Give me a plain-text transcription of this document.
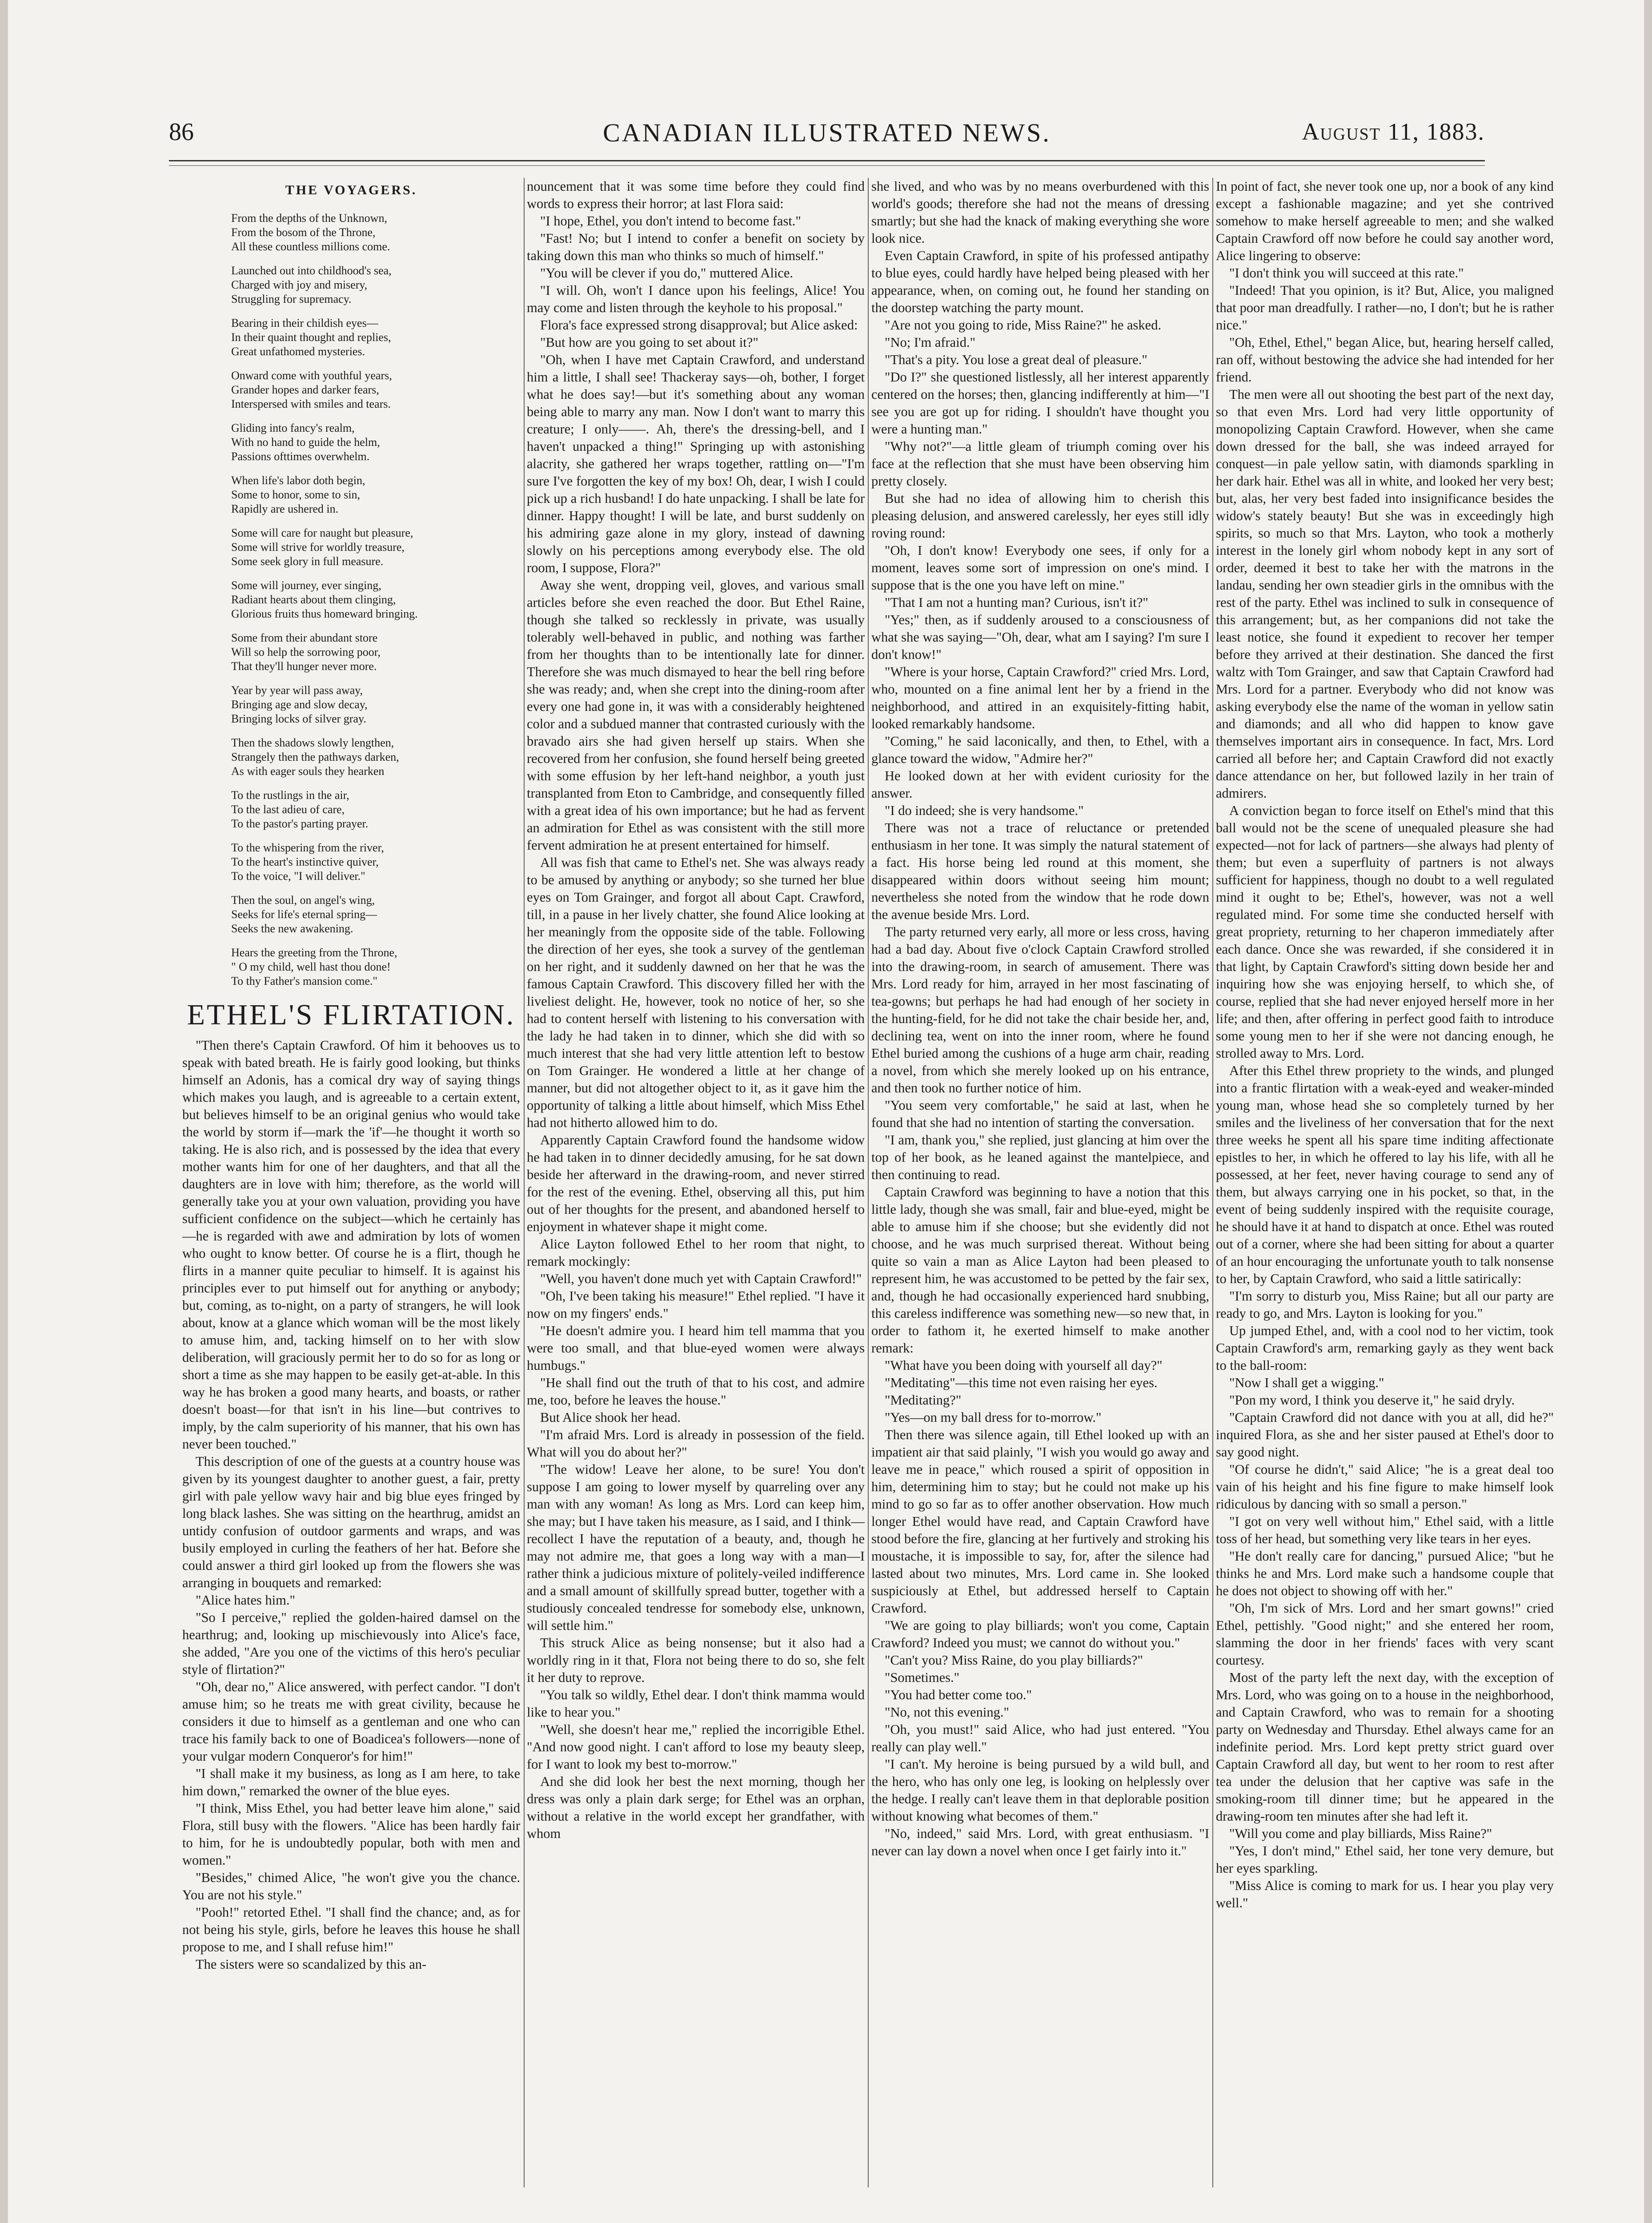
86	CANADIAN ILLUSTRATED NEWS.	August 11, 1883.
THE VOYAGERS.
From the depths of the Unknown,
From the bosom of the Throne,
All these countless millions come.
Launched out into childhood's sea,
Charged with joy and misery,
Struggling for supremacy.
Bearing in their childish eyes—
In their quaint thought and replies,
Great unfathomed mysteries.
Onward come with youthful years,
Grander hopes and darker fears,
Interspersed with smiles and tears.
Gliding into fancy's realm,
With no hand to guide the helm,
Passions ofttimes overwhelm.
When life's labor doth begin,
Some to honor, some to sin,
Rapidly are ushered in.
Some will care for naught but pleasure,
Some will strive for worldly treasure,
Some seek glory in full measure.
Some will journey, ever singing,
Radiant hearts about them clinging,
Glorious fruits thus homeward bringing.
Some from their abundant store
Will so help the sorrowing poor,
That they'll hunger never more.
Year by year will pass away,
Bringing age and slow decay,
Bringing locks of silver gray.
Then the shadows slowly lengthen,
Strangely then the pathways darken,
As with eager souls they hearken
To the rustlings in the air,
To the last adieu of care,
To the pastor's parting prayer.
To the whispering from the river,
To the heart's instinctive quiver,
To the voice, "I will deliver."
Then the soul, on angel's wing,
Seeks for life's eternal spring—
Seeks the new awakening.
Hears the greeting from the Throne,
" O my child, well hast thou done!
To thy Father's mansion come."
ETHEL'S FLIRTATION.

"Then there's Captain Crawford. Of him it behooves us to speak with bated breath. He is fairly good looking, but thinks himself an Adonis, has a comical dry way of saying things which makes you laugh, and is agreeable to a certain extent, but believes himself to be an original genius who would take the world by storm if—mark the 'if'—he thought it worth so taking. He is also rich, and is possessed by the idea that every mother wants him for one of her daughters, and that all the daughters are in love with him; therefore, as the world will generally take you at your own valuation, providing you have sufficient confidence on the subject—which he certainly has—he is regarded with awe and admiration by lots of women who ought to know better. Of course he is a flirt, though he flirts in a manner quite peculiar to himself. It is against his principles ever to put himself out for anything or anybody; but, coming, as to-night, on a party of strangers, he will look about, know at a glance which woman will be the most likely to amuse him, and, tacking himself on to her with slow deliberation, will graciously permit her to do so for as long or short a time as she may happen to be easily get-at-able. In this way he has broken a good many hearts, and boasts, or rather doesn't boast—for that isn't in his line—but contrives to imply, by the calm superiority of his manner, that his own has never been touched."

This description of one of the guests at a country house was given by its youngest daughter to another guest, a fair, pretty girl with pale yellow wavy hair and big blue eyes fringed by long black lashes. She was sitting on the hearthrug, amidst an untidy confusion of outdoor garments and wraps, and was busily employed in curling the feathers of her hat. Before she could answer a third girl looked up from the flowers she was arranging in bouquets and remarked:

"Alice hates him."

"So I perceive," replied the golden-haired damsel on the hearthrug; and, looking up mischievously into Alice's face, she added, "Are you one of the victims of this hero's peculiar style of flirtation?"

"Oh, dear no," Alice answered, with perfect candor. "I don't amuse him; so he treats me with great civility, because he considers it due to himself as a gentleman and one who can trace his family back to one of Boadicea's followers—none of your vulgar modern Conqueror's for him!"

"I shall make it my business, as long as I am here, to take him down," remarked the owner of the blue eyes.

"I think, Miss Ethel, you had better leave him alone," said Flora, still busy with the flowers. "Alice has been hardly fair to him, for he is undoubtedly popular, both with men and women."

"Besides," chimed Alice, "he won't give you the chance. You are not his style."

"Pooh!" retorted Ethel. "I shall find the chance; and, as for not being his style, girls, before he leaves this house he shall propose to me, and I shall refuse him!"

The sisters were so scandalized by this an-

nouncement that it was some time before they could find words to express their horror; at last Flora said:

"I hope, Ethel, you don't intend to become fast."

"Fast! No; but I intend to confer a benefit on society by taking down this man who thinks so much of himself."

"You will be clever if you do," muttered Alice.

"I will. Oh, won't I dance upon his feelings, Alice! You may come and listen through the keyhole to his proposal."

Flora's face expressed strong disapproval; but Alice asked:

"But how are you going to set about it?"

"Oh, when I have met Captain Crawford, and understand him a little, I shall see! Thackeray says—oh, bother, I forget what he does say!—but it's something about any woman being able to marry any man. Now I don't want to marry this creature; I only——. Ah, there's the dressing-bell, and I haven't unpacked a thing!" Springing up with astonishing alacrity, she gathered her wraps together, rattling on—"I'm sure I've forgotten the key of my box! Oh, dear, I wish I could pick up a rich husband! I do hate unpacking. I shall be late for dinner. Happy thought! I will be late, and burst suddenly on his admiring gaze alone in my glory, instead of dawning slowly on his perceptions among everybody else. The old room, I suppose, Flora?"

Away she went, dropping veil, gloves, and various small articles before she even reached the door. But Ethel Raine, though she talked so recklessly in private, was usually tolerably well-behaved in public, and nothing was farther from her thoughts than to be intentionally late for dinner. Therefore she was much dismayed to hear the bell ring before she was ready; and, when she crept into the dining-room after every one had gone in, it was with a considerably heightened color and a subdued manner that contrasted curiously with the bravado airs she had given herself up stairs. When she recovered from her confusion, she found herself being greeted with some effusion by her left-hand neighbor, a youth just transplanted from Eton to Cambridge, and consequently filled with a great idea of his own importance; but he had as fervent an admiration for Ethel as was consistent with the still more fervent admiration he at present entertained for himself.

All was fish that came to Ethel's net. She was always ready to be amused by anything or anybody; so she turned her blue eyes on Tom Grainger, and forgot all about Capt. Crawford, till, in a pause in her lively chatter, she found Alice looking at her meaningly from the opposite side of the table. Following the direction of her eyes, she took a survey of the gentleman on her right, and it suddenly dawned on her that he was the famous Captain Crawford. This discovery filled her with the liveliest delight. He, however, took no notice of her, so she had to content herself with listening to his conversation with the lady he had taken in to dinner, which she did with so much interest that she had very little attention left to bestow on Tom Grainger. He wondered a little at her change of manner, but did not altogether object to it, as it gave him the opportunity of talking a little about himself, which Miss Ethel had not hitherto allowed him to do.

Apparently Captain Crawford found the handsome widow he had taken in to dinner decidedly amusing, for he sat down beside her afterward in the drawing-room, and never stirred for the rest of the evening. Ethel, observing all this, put him out of her thoughts for the present, and abandoned herself to enjoyment in whatever shape it might come.

Alice Layton followed Ethel to her room that night, to remark mockingly:

"Well, you haven't done much yet with Captain Crawford!"

"Oh, I've been taking his measure!" Ethel replied. "I have it now on my fingers' ends."

"He doesn't admire you. I heard him tell mamma that you were too small, and that blue-eyed women were always humbugs."

"He shall find out the truth of that to his cost, and admire me, too, before he leaves the house."

But Alice shook her head.

"I'm afraid Mrs. Lord is already in possession of the field. What will you do about her?"

"The widow! Leave her alone, to be sure! You don't suppose I am going to lower myself by quarreling over any man with any woman! As long as Mrs. Lord can keep him, she may; but I have taken his measure, as I said, and I think—recollect I have the reputation of a beauty, and, though he may not admire me, that goes a long way with a man—I rather think a judicious mixture of politely-veiled indifference and a small amount of skillfully spread butter, together with a studiously concealed tendresse for somebody else, unknown, will settle him."

This struck Alice as being nonsense; but it also had a worldly ring in it that, Flora not being there to do so, she felt it her duty to reprove.

"You talk so wildly, Ethel dear. I don't think mamma would like to hear you."

"Well, she doesn't hear me," replied the incorrigible Ethel. "And now good night. I can't afford to lose my beauty sleep, for I want to look my best to-morrow."

And she did look her best the next morning, though her dress was only a plain dark serge; for Ethel was an orphan, without a relative in the world except her grandfather, with whom

she lived, and who was by no means overburdened with this world's goods; therefore she had not the means of dressing smartly; but she had the knack of making everything she wore look nice.

Even Captain Crawford, in spite of his professed antipathy to blue eyes, could hardly have helped being pleased with her appearance, when, on coming out, he found her standing on the doorstep watching the party mount.

"Are not you going to ride, Miss Raine?" he asked.

"No; I'm afraid."

"That's a pity. You lose a great deal of pleasure."

"Do I?" she questioned listlessly, all her interest apparently centered on the horses; then, glancing indifferently at him—"I see you are got up for riding. I shouldn't have thought you were a hunting man."

"Why not?"—a little gleam of triumph coming over his face at the reflection that she must have been observing him pretty closely.

But she had no idea of allowing him to cherish this pleasing delusion, and answered carelessly, her eyes still idly roving round:

"Oh, I don't know! Everybody one sees, if only for a moment, leaves some sort of impression on one's mind. I suppose that is the one you have left on mine."

"That I am not a hunting man? Curious, isn't it?"

"Yes;" then, as if suddenly aroused to a consciousness of what she was saying—"Oh, dear, what am I saying? I'm sure I don't know!"

"Where is your horse, Captain Crawford?" cried Mrs. Lord, who, mounted on a fine animal lent her by a friend in the neighborhood, and attired in an exquisitely-fitting habit, looked remarkably handsome.

"Coming," he said laconically, and then, to Ethel, with a glance toward the widow, "Admire her?"

He looked down at her with evident curiosity for the answer.

"I do indeed; she is very handsome."

There was not a trace of reluctance or pretended enthusiasm in her tone. It was simply the natural statement of a fact. His horse being led round at this moment, she disappeared within doors without seeing him mount; nevertheless she noted from the window that he rode down the avenue beside Mrs. Lord.

The party returned very early, all more or less cross, having had a bad day. About five o'clock Captain Crawford strolled into the drawing-room, in search of amusement. There was Mrs. Lord ready for him, arrayed in her most fascinating of tea-gowns; but perhaps he had had enough of her society in the hunting-field, for he did not take the chair beside her, and, declining tea, went on into the inner room, where he found Ethel buried among the cushions of a huge arm chair, reading a novel, from which she merely looked up on his entrance, and then took no further notice of him.

"You seem very comfortable," he said at last, when he found that she had no intention of starting the conversation.

"I am, thank you," she replied, just glancing at him over the top of her book, as he leaned against the mantelpiece, and then continuing to read.

Captain Crawford was beginning to have a notion that this little lady, though she was small, fair and blue-eyed, might be able to amuse him if she choose; but she evidently did not choose, and he was much surprised thereat. Without being quite so vain a man as Alice Layton had been pleased to represent him, he was accustomed to be petted by the fair sex, and, though he had occasionally experienced hard snubbing, this careless indifference was something new—so new that, in order to fathom it, he exerted himself to make another remark:

"What have you been doing with yourself all day?"

"Meditating"—this time not even raising her eyes.

"Meditating?"

"Yes—on my ball dress for to-morrow."

Then there was silence again, till Ethel looked up with an impatient air that said plainly, "I wish you would go away and leave me in peace," which roused a spirit of opposition in him, determining him to stay; but he could not make up his mind to go so far as to offer another observation. How much longer Ethel would have read, and Captain Crawford have stood before the fire, glancing at her furtively and stroking his moustache, it is impossible to say, for, after the silence had lasted about two minutes, Mrs. Lord came in. She looked suspiciously at Ethel, but addressed herself to Captain Crawford.

"We are going to play billiards; won't you come, Captain Crawford? Indeed you must; we cannot do without you."

"Can't you? Miss Raine, do you play billiards?"

"Sometimes."

"You had better come too."

"No, not this evening."

"Oh, you must!" said Alice, who had just entered. "You really can play well."

"I can't. My heroine is being pursued by a wild bull, and the hero, who has only one leg, is looking on helplessly over the hedge. I really can't leave them in that deplorable position without knowing what becomes of them."

"No, indeed," said Mrs. Lord, with great enthusiasm. "I never can lay down a novel when once I get fairly into it."

In point of fact, she never took one up, nor a book of any kind except a fashionable magazine; and yet she contrived somehow to make herself agreeable to men; and she walked Captain Crawford off now before he could say another word, Alice lingering to observe:

"I don't think you will succeed at this rate."

"Indeed! That you opinion, is it? But, Alice, you maligned that poor man dreadfully. I rather—no, I don't; but he is rather nice."

"Oh, Ethel, Ethel," began Alice, but, hearing herself called, ran off, without bestowing the advice she had intended for her friend.

The men were all out shooting the best part of the next day, so that even Mrs. Lord had very little opportunity of monopolizing Captain Crawford. However, when she came down dressed for the ball, she was indeed arrayed for conquest—in pale yellow satin, with diamonds sparkling in her dark hair. Ethel was all in white, and looked her very best; but, alas, her very best faded into insignificance besides the widow's stately beauty! But she was in exceedingly high spirits, so much so that Mrs. Layton, who took a motherly interest in the lonely girl whom nobody kept in any sort of order, deemed it best to take her with the matrons in the landau, sending her own steadier girls in the omnibus with the rest of the party. Ethel was inclined to sulk in consequence of this arrangement; but, as her companions did not take the least notice, she found it expedient to recover her temper before they arrived at their destination. She danced the first waltz with Tom Grainger, and saw that Captain Crawford had Mrs. Lord for a partner. Everybody who did not know was asking everybody else the name of the woman in yellow satin and diamonds; and all who did happen to know gave themselves important airs in consequence. In fact, Mrs. Lord carried all before her; and Captain Crawford did not exactly dance attendance on her, but followed lazily in her train of admirers.

A conviction began to force itself on Ethel's mind that this ball would not be the scene of unequaled pleasure she had expected—not for lack of partners—she always had plenty of them; but even a superfluity of partners is not always sufficient for happiness, though no doubt to a well regulated mind it ought to be; Ethel's, however, was not a well regulated mind. For some time she conducted herself with great propriety, returning to her chaperon immediately after each dance. Once she was rewarded, if she considered it in that light, by Captain Crawford's sitting down beside her and inquiring how she was enjoying herself, to which she, of course, replied that she had never enjoyed herself more in her life; and then, after offering in perfect good faith to introduce some young men to her if she were not dancing enough, he strolled away to Mrs. Lord.

After this Ethel threw propriety to the winds, and plunged into a frantic flirtation with a weak-eyed and weaker-minded young man, whose head she so completely turned by her smiles and the liveliness of her conversation that for the next three weeks he spent all his spare time inditing affectionate epistles to her, in which he offered to lay his life, with all he possessed, at her feet, never having courage to send any of them, but always carrying one in his pocket, so that, in the event of being suddenly inspired with the requisite courage, he should have it at hand to dispatch at once. Ethel was routed out of a corner, where she had been sitting for about a quarter of an hour encouraging the unfortunate youth to talk nonsense to her, by Captain Crawford, who said a little satirically:

"I'm sorry to disturb you, Miss Raine; but all our party are ready to go, and Mrs. Layton is looking for you."

Up jumped Ethel, and, with a cool nod to her victim, took Captain Crawford's arm, remarking gayly as they went back to the ball-room:

"Now I shall get a wigging."

"Pon my word, I think you deserve it," he said dryly.

"Captain Crawford did not dance with you at all, did he?" inquired Flora, as she and her sister paused at Ethel's door to say good night.

"Of course he didn't," said Alice; "he is a great deal too vain of his height and his fine figure to make himself look ridiculous by dancing with so small a person."

"I got on very well without him," Ethel said, with a little toss of her head, but something very like tears in her eyes.

"He don't really care for dancing," pursued Alice; "but he thinks he and Mrs. Lord make such a handsome couple that he does not object to showing off with her."

"Oh, I'm sick of Mrs. Lord and her smart gowns!" cried Ethel, pettishly. "Good night;" and she entered her room, slamming the door in her friends' faces with very scant courtesy.

Most of the party left the next day, with the exception of Mrs. Lord, who was going on to a house in the neighborhood, and Captain Crawford, who was to remain for a shooting party on Wednesday and Thursday. Ethel always came for an indefinite period. Mrs. Lord kept pretty strict guard over Captain Crawford all day, but went to her room to rest after tea under the delusion that her captive was safe in the smoking-room till dinner time; but he appeared in the drawing-room ten minutes after she had left it.

"Will you come and play billiards, Miss Raine?"

"Yes, I don't mind," Ethel said, her tone very demure, but her eyes sparkling.

"Miss Alice is coming to mark for us. I hear you play very well."
